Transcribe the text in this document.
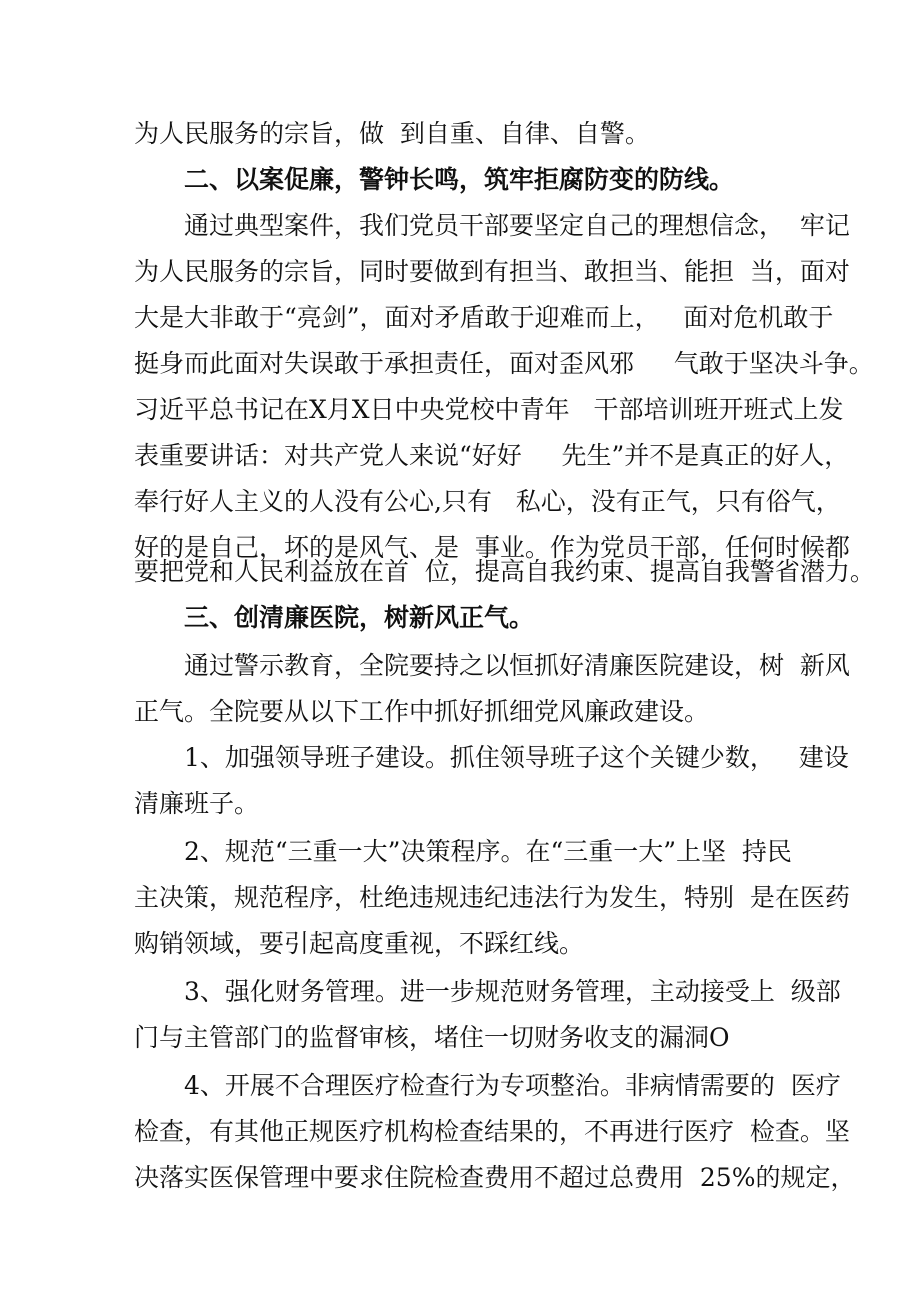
为人民服务的宗旨，做  到自重、自律、自警。
二、以案促廉，警钟长鸣，筑牢拒腐防变的防线。
通过典型案件，我们党员干部要坚定自己的理想信念，  牢记
为人民服务的宗旨，同时要做到有担当、敢担当、能担  当，面对
大是大非敢于“亮剑”，面对矛盾敢于迎难而上，   面对危机敢于
挺身而此面对失误敢于承担责任，面对歪风邪     气敢于坚决斗争。
习近平总书记在X月X日中央党校中青年   干部培训班开班式上发
表重要讲话：对共产党人来说“好好     先生”并不是真正的好人，
奉行好人主义的人没有公心,只有   私心，没有正气，只有俗气，
好的是自己，坏的是风气、是  事业。作为党员干部，任何时候都
要把党和人民利益放在首  位，提高自我约束、提高自我警省潜力。
三、创清廉医院，树新风正气。
通过警示教育，全院要持之以恒抓好清廉医院建设，树  新风
正气。全院要从以下工作中抓好抓细党风廉政建设。
1、加强领导班子建设。抓住领导班子这个关键少数，   建设
清廉班子。
2、规范“三重一大”决策程序。在“三重一大”上坚  持民
主决策，规范程序，杜绝违规违纪违法行为发生，特别  是在医药
购销领域，要引起高度重视，不踩红线。
3、强化财务管理。进一步规范财务管理，主动接受上  级部
门与主管部门的监督审核，堵住一切财务收支的漏洞O
4、开展不合理医疗检查行为专项整治。非病情需要的  医疗
检查，有其他正规医疗机构检查结果的，不再进行医疗  检查。坚
决落实医保管理中要求住院检查费用不超过总费用  25%的规定，
